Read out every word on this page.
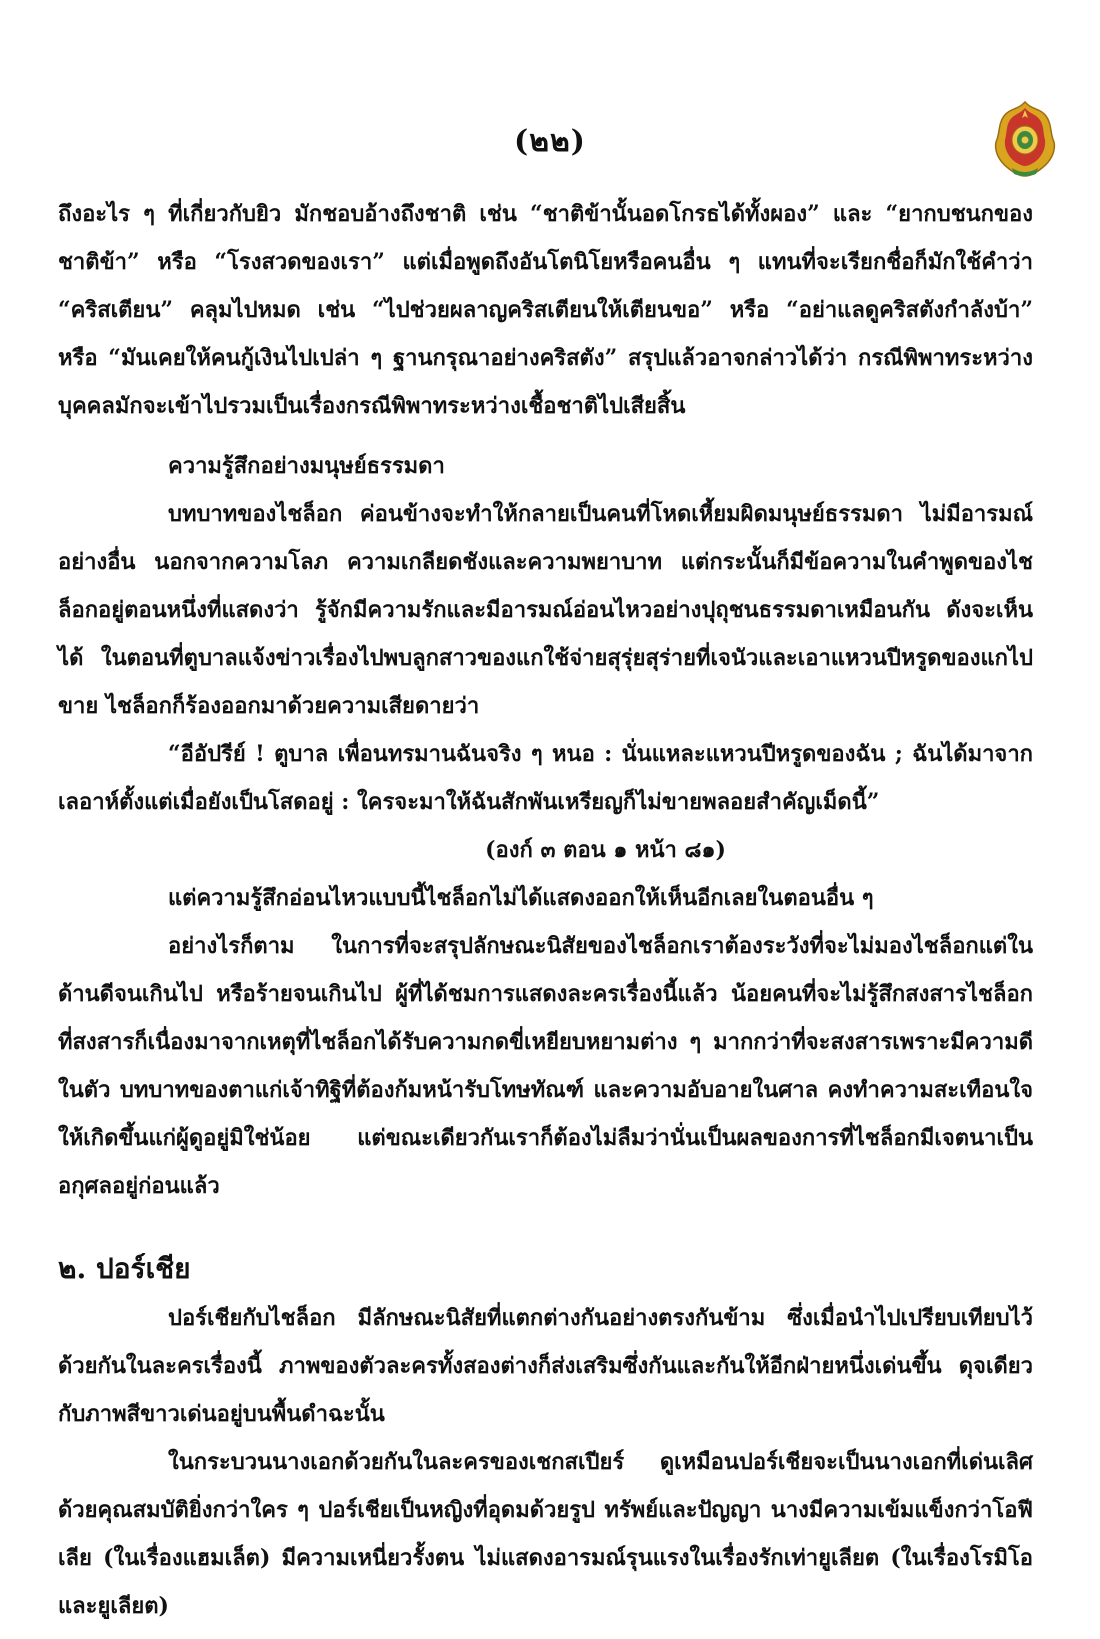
(๒๒)

ถึงอะไร ๆ ที่เกี่ยวกับยิว มักชอบอ้างถึงชาติ เช่น “ชาติข้านั้นอดโกรธได้ทั้งผอง” และ “ยากบชนกของชาติข้า” หรือ “โรงสวดของเรา” แต่เมื่อพูดถึงอันโตนิโยหรือคนอื่น ๆ แทนที่จะเรียกชื่อก็มักใช้คำว่า “คริสเตียน” คลุมไปหมด เช่น “ไปช่วยผลาญคริสเตียนให้เตียนขอ” หรือ “อย่าแลดูคริสตังกำลังบ้า” หรือ “มันเคยให้คนกู้เงินไปเปล่า ๆ ฐานกรุณาอย่างคริสตัง” สรุปแล้วอาจกล่าวได้ว่า กรณีพิพาทระหว่างบุคคลมักจะเข้าไปรวมเป็นเรื่องกรณีพิพาทระหว่างเชื้อชาติไปเสียสิ้น

ความรู้สึกอย่างมนุษย์ธรรมดา

บทบาทของไชล็อก ค่อนข้างจะทำให้กลายเป็นคนที่โหดเหี้ยมผิดมนุษย์ธรรมดา ไม่มีอารมณ์อย่างอื่น นอกจากความโลภ ความเกลียดชังและความพยาบาท แต่กระนั้นก็มีข้อความในคำพูดของไชล็อกอยู่ตอนหนึ่งที่แสดงว่า รู้จักมีความรักและมีอารมณ์อ่อนไหวอย่างปุถุชนธรรมดาเหมือนกัน ดังจะเห็นได้ ในตอนที่ตูบาลแจ้งข่าวเรื่องไปพบลูกสาวของแกใช้จ่ายสุรุ่ยสุร่ายที่เจนัวและเอาแหวนปีหรูดของแกไปขาย ไชล็อกก็ร้องออกมาด้วยความเสียดายว่า

“อีอัปรีย์ ! ตูบาล เพื่อนทรมานฉันจริง ๆ หนอ : นั่นแหละแหวนปีหรูดของฉัน ; ฉันได้มาจากเลอาห์ตั้งแต่เมื่อยังเป็นโสดอยู่ : ใครจะมาให้ฉันสักพันเหรียญก็ไม่ขายพลอยสำคัญเม็ดนี้”

(องก์ ๓ ตอน ๑ หน้า ๘๑)

แต่ความรู้สึกอ่อนไหวแบบนี้ไชล็อกไม่ได้แสดงออกให้เห็นอีกเลยในตอนอื่น ๆ

อย่างไรก็ตาม ในการที่จะสรุปลักษณะนิสัยของไชล็อกเราต้องระวังที่จะไม่มองไชล็อกแต่ในด้านดีจนเกินไป หรือร้ายจนเกินไป ผู้ที่ได้ชมการแสดงละครเรื่องนี้แล้ว น้อยคนที่จะไม่รู้สึกสงสารไชล็อก ที่สงสารก็เนื่องมาจากเหตุที่ไชล็อกได้รับความกดขี่เหยียบหยามต่าง ๆ มากกว่าที่จะสงสารเพราะมีความดีในตัว บทบาทของตาแก่เจ้าทิฐิที่ต้องก้มหน้ารับโทษทัณฑ์ และความอับอายในศาล คงทำความสะเทือนใจให้เกิดขึ้นแก่ผู้ดูอยู่มิใช่น้อย แต่ขณะเดียวกันเราก็ต้องไม่ลืมว่านั่นเป็นผลของการที่ไชล็อกมีเจตนาเป็นอกุศลอยู่ก่อนแล้ว

๒. ปอร์เชีย

ปอร์เชียกับไชล็อก มีลักษณะนิสัยที่แตกต่างกันอย่างตรงกันข้าม ซึ่งเมื่อนำไปเปรียบเทียบไว้ด้วยกันในละครเรื่องนี้ ภาพของตัวละครทั้งสองต่างก็ส่งเสริมซึ่งกันและกันให้อีกฝ่ายหนึ่งเด่นขึ้น ดุจเดียวกับภาพสีขาวเด่นอยู่บนพื้นดำฉะนั้น

ในกระบวนนางเอกด้วยกันในละครของเชกสเปียร์ ดูเหมือนปอร์เชียจะเป็นนางเอกที่เด่นเลิศด้วยคุณสมบัติยิ่งกว่าใคร ๆ ปอร์เชียเป็นหญิงที่อุดมด้วยรูป ทรัพย์และปัญญา นางมีความเข้มแข็งกว่าโอฟีเลีย (ในเรื่องแฮมเล็ต) มีความเหนี่ยวรั้งตน ไม่แสดงอารมณ์รุนแรงในเรื่องรักเท่ายูเลียต (ในเรื่องโรมิโอและยูเลียต)
